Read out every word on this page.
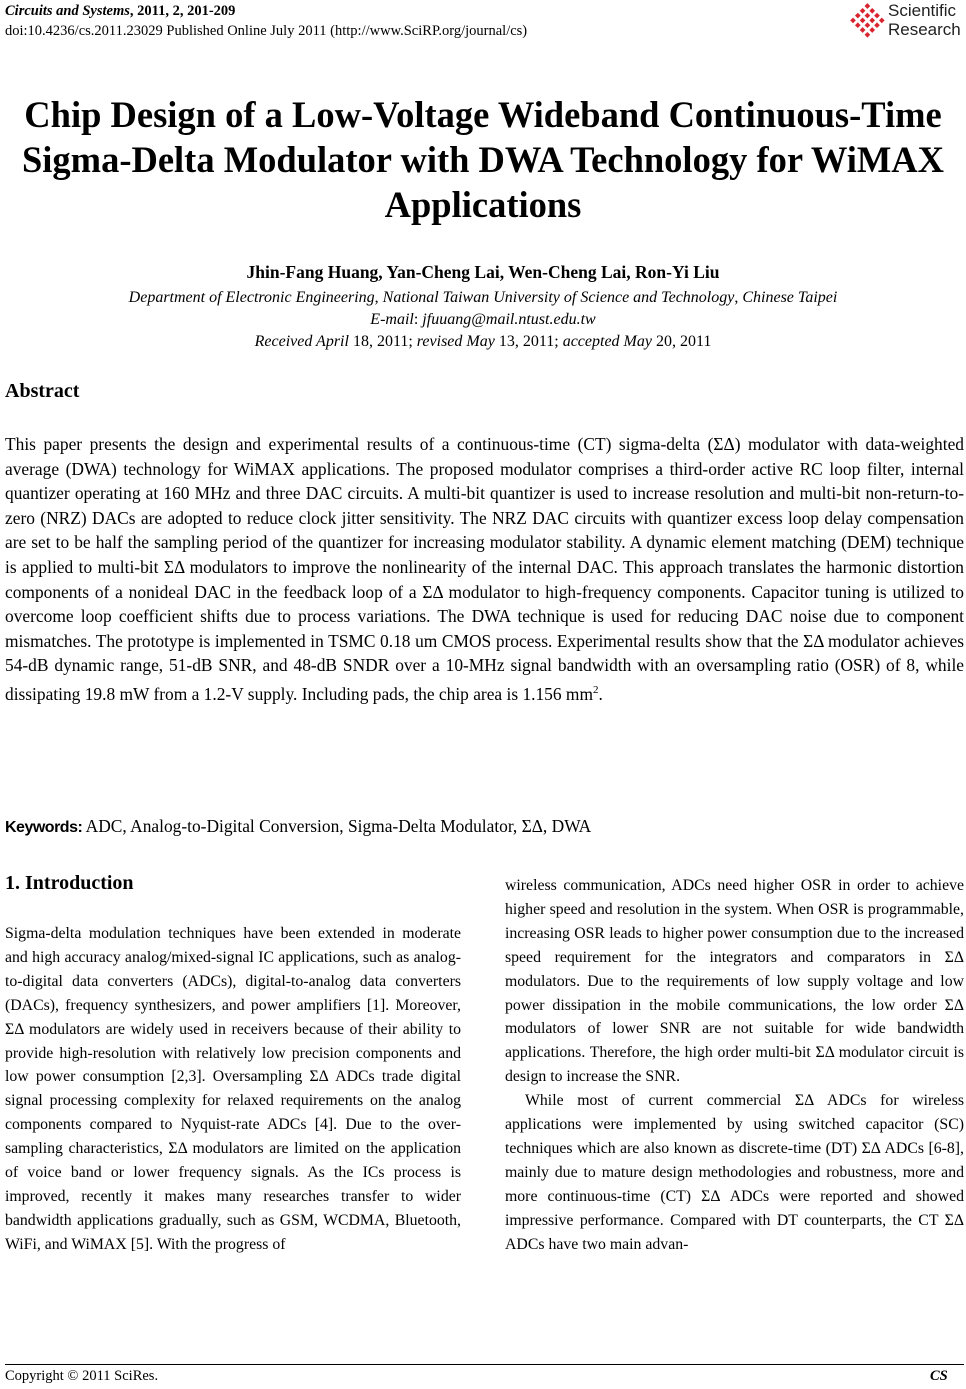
Circuits and Systems, 2011, 2, 201-209
doi:10.4236/cs.2011.23029 Published Online July 2011 (http://www.SciRP.org/journal/cs)
Scientific
Research
Chip Design of a Low-Voltage Wideband Continuous-Time Sigma-Delta Modulator with DWA Technology for WiMAX Applications
Jhin-Fang Huang, Yan-Cheng Lai, Wen-Cheng Lai, Ron-Yi Liu
Department of Electronic Engineering, National Taiwan University of Science and Technology, Chinese Taipei
E-mail: jfuuang@mail.ntust.edu.tw
Received April 18, 2011; revised May 13, 2011; accepted May 20, 2011
Abstract
This paper presents the design and experimental results of a continuous-time (CT) sigma-delta (ΣΔ) modulator with data-weighted average (DWA) technology for WiMAX applications. The proposed modulator comprises a third-order active RC loop filter, internal quantizer operating at 160 MHz and three DAC circuits. A multi-bit quantizer is used to increase resolution and multi-bit non-return-to-zero (NRZ) DACs are adopted to reduce clock jitter sensitivity. The NRZ DAC circuits with quantizer excess loop delay compensation are set to be half the sampling period of the quantizer for increasing modulator stability. A dynamic element matching (DEM) technique is applied to multi-bit ΣΔ modulators to improve the nonlinearity of the internal DAC. This approach translates the harmonic distortion components of a nonideal DAC in the feedback loop of a ΣΔ modulator to high-frequency components. Capacitor tuning is utilized to overcome loop coefficient shifts due to process variations. The DWA technique is used for reducing DAC noise due to component mismatches. The prototype is implemented in TSMC 0.18 um CMOS process. Experimental results show that the ΣΔ modulator achieves 54-dB dynamic range, 51-dB SNR, and 48-dB SNDR over a 10-MHz signal bandwidth with an oversampling ratio (OSR) of 8, while dissipating 19.8 mW from a 1.2-V supply. Including pads, the chip area is 1.156 $mm^2$.
Keywords: ADC, Analog-to-Digital Conversion, Sigma-Delta Modulator, ΣΔ, DWA
1. Introduction

Sigma-delta modulation techniques have been extended in moderate and high accuracy analog/mixed-signal IC applications, such as analog-to-digital data converters (ADCs), digital-to-analog data converters (DACs), frequency synthesizers, and power amplifiers [1]. Moreover, ΣΔ modulators are widely used in receivers because of their ability to provide high-resolution with relatively low precision components and low power consumption [2,3]. Oversampling ΣΔ ADCs trade digital signal processing complexity for relaxed requirements on the analog components compared to Nyquist-rate ADCs [4]. Due to the over-sampling characteristics, ΣΔ modulators are limited on the application of voice band or lower frequency signals. As the ICs process is improved, recently it makes many researches transfer to wider bandwidth applications gradually, such as GSM, WCDMA, Bluetooth, WiFi, and WiMAX [5]. With the progress of

wireless communication, ADCs need higher OSR in order to achieve higher speed and resolution in the system. When OSR is programmable, increasing OSR leads to higher power consumption due to the increased speed requirement for the integrators and comparators in ΣΔ modulators. Due to the requirements of low supply voltage and low power dissipation in the mobile communications, the low order ΣΔ modulators of lower SNR are not suitable for wide bandwidth applications. Therefore, the high order multi-bit ΣΔ modulator circuit is design to increase the SNR.

While most of current commercial ΣΔ ADCs for wireless applications were implemented by using switched capacitor (SC) techniques which are also known as discrete-time (DT) ΣΔ ADCs [6-8], mainly due to mature design methodologies and robustness, more and more continuous-time (CT) ΣΔ ADCs were reported and showed impressive performance. Compared with DT counterparts, the CT ΣΔ ADCs have two main advan-

Copyright © 2011 SciRes.	CS
